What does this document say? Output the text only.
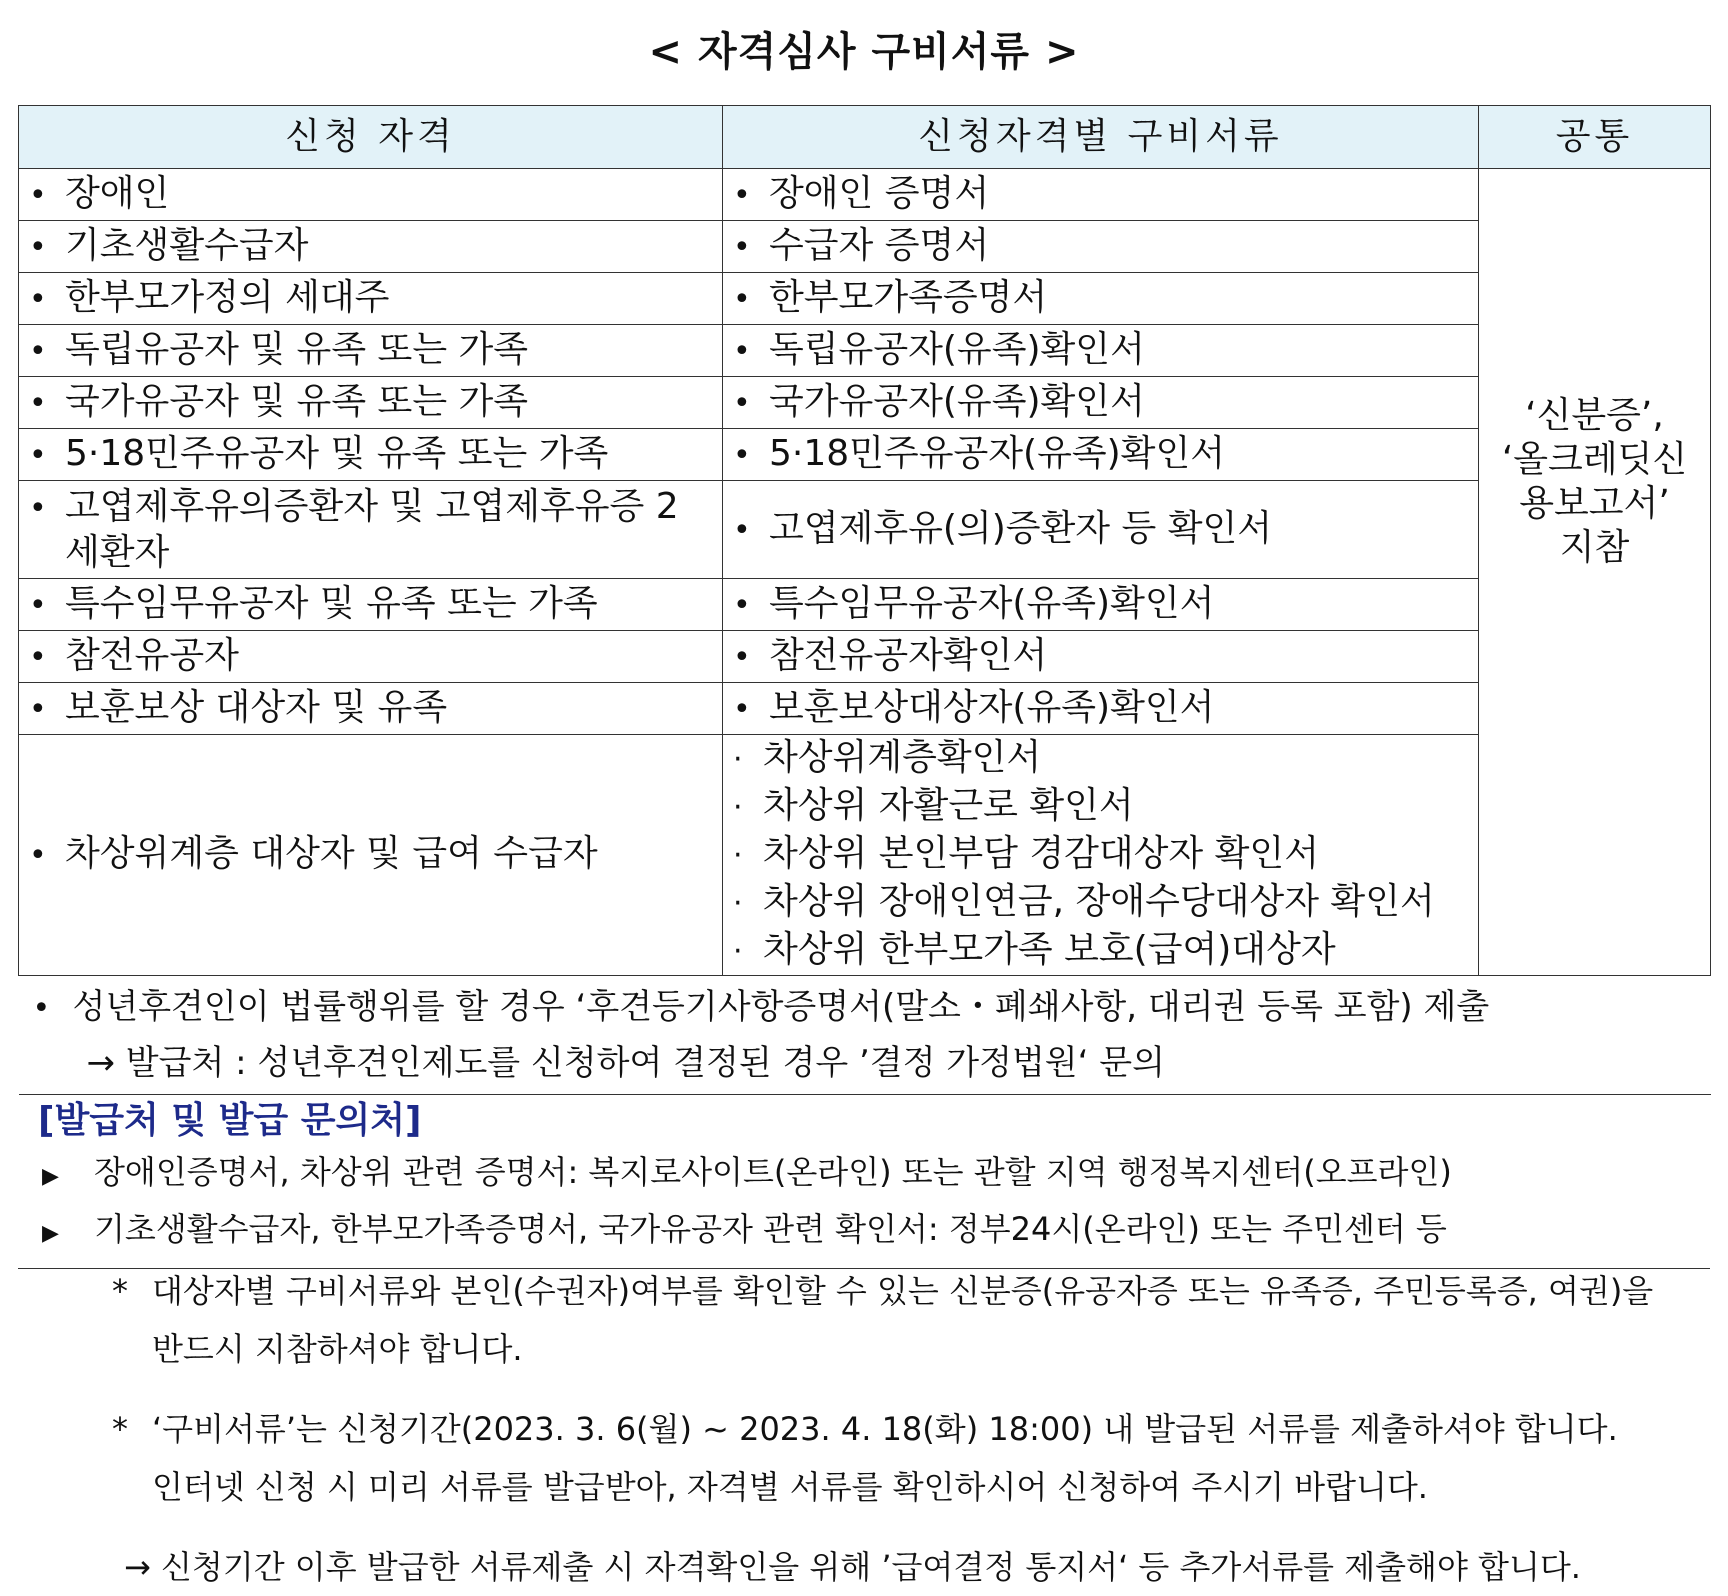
< 자격심사 구비서류 >
신청 자격	신청자격별 구비서류	공통

• 장애인	• 장애인 증명서	‘신분증’,
‘올크레딧신
용보고서’
지참

• 기초생활수급자	• 수급자 증명서

• 한부모가정의 세대주	• 한부모가족증명서

• 독립유공자 및 유족 또는 가족	• 독립유공자(유족)확인서

• 국가유공자 및 유족 또는 가족	• 국가유공자(유족)확인서

• 5·18민주유공자 및 유족 또는 가족	• 5·18민주유공자(유족)확인서

• 고엽제후유의증환자 및 고엽제후유증 2세환자	• 고엽제후유(의)증환자 등 확인서

• 특수임무유공자 및 유족 또는 가족	• 특수임무유공자(유족)확인서

• 참전유공자	• 참전유공자확인서

• 보훈보상 대상자 및 유족	• 보훈보상대상자(유족)확인서

• 차상위계층 대상자 및 급여 수급자	· 차상위계층확인서
· 차상위 자활근로 확인서
· 차상위 본인부담 경감대상자 확인서
· 차상위 장애인연금, 장애수당대상자 확인서
· 차상위 한부모가족 보호(급여)대상자

• 성년후견인이 법률행위를 할 경우 ‘후견등기사항증명서(말소・폐쇄사항, 대리권 등록 포함) 제출
→ 발급처 : 성년후견인제도를 신청하여 결정된 경우 ’결정 가정법원‘ 문의
[발급처 및 발급 문의처]
▶ 장애인증명서, 차상위 관련 증명서: 복지로사이트(온라인) 또는 관할 지역 행정복지센터(오프라인)
▶ 기초생활수급자, 한부모가족증명서, 국가유공자 관련 확인서: 정부24시(온라인) 또는 주민센터 등
* 대상자별 구비서류와 본인(수권자)여부를 확인할 수 있는 신분증(유공자증 또는 유족증, 주민등록증, 여권)을
반드시 지참하셔야 합니다.
* ‘구비서류’는 신청기간(2023. 3. 6(월) ~ 2023. 4. 18(화) 18:00) 내 발급된 서류를 제출하셔야 합니다.
인터넷 신청 시 미리 서류를 발급받아, 자격별 서류를 확인하시어 신청하여 주시기 바랍니다.
→ 신청기간 이후 발급한 서류제출 시 자격확인을 위해 ’급여결정 통지서‘ 등 추가서류를 제출해야 합니다.
